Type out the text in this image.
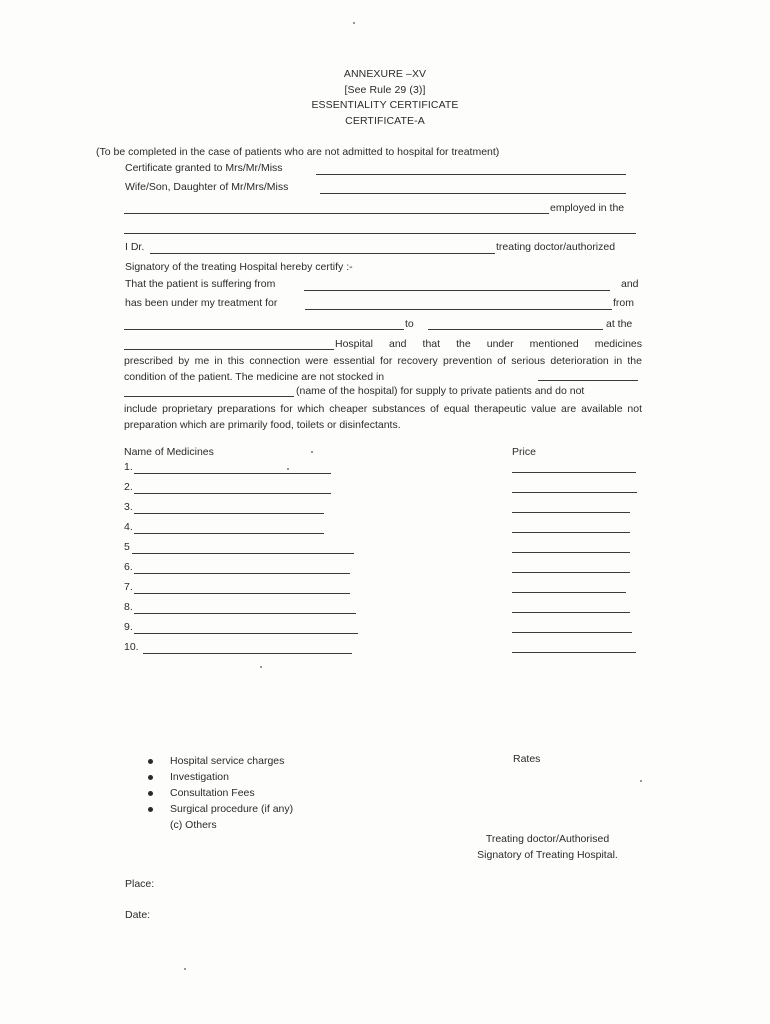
ANNEXURE –XV
[See Rule 29 (3)]
ESSENTIALITY CERTIFICATE
CERTIFICATE-A
(To be completed in the case of patients who are not admitted to hospital for treatment)
Certificate granted to Mrs/Mr/Miss
Wife/Son, Daughter of Mr/Mrs/Miss
employed in the
I Dr.	treating doctor/authorized
Signatory of the treating Hospital hereby certify :-
That the patient is suffering from	and
has been under my treatment for	from
to	at the
Hospital and that the under mentioned medicines
prescribed by me in this connection were essential for recovery prevention of serious deterioration in the condition of the patient. The medicine are not stocked in
(name of the hospital) for supply to private patients and do not
include proprietary preparations for which cheaper substances of equal therapeutic value are available not preparation which are primarily food, toilets or disinfectants.
Name of Medicines	Price
1.
2.
3.
4.
5
6.
7.
8.
9.
10.
Hospital service charges
Investigation
Consultation Fees
Surgical procedure (if any)
(c) Others
Rates
Treating doctor/Authorised
Signatory of Treating Hospital.
Place:
Date:
